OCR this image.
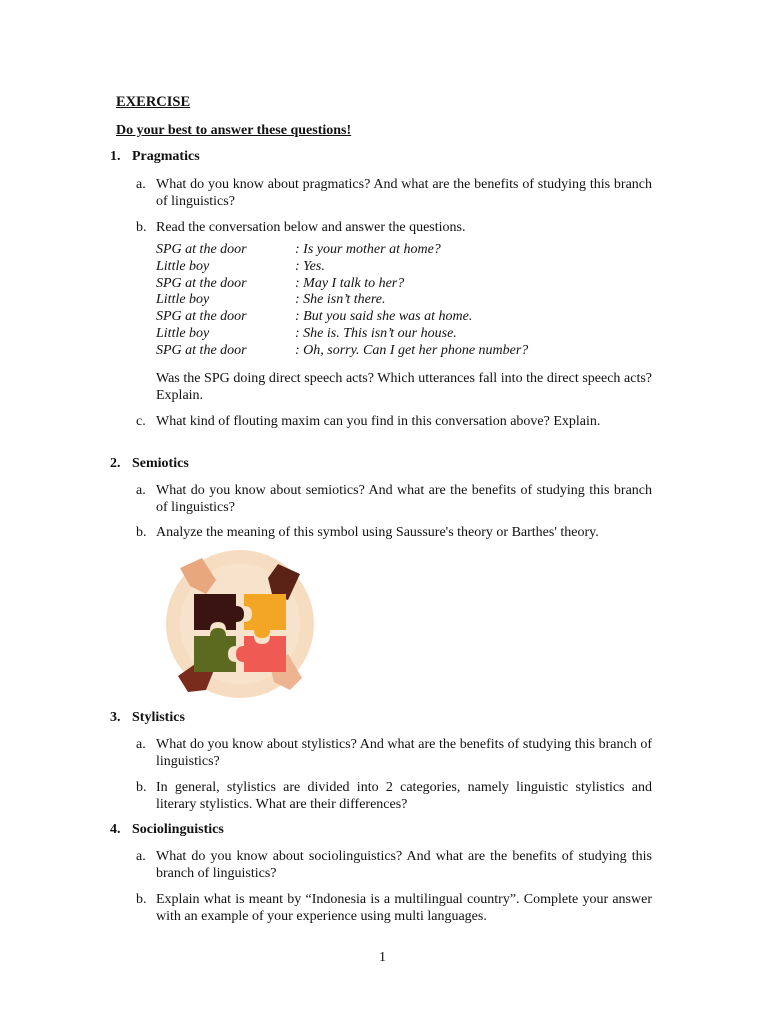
EXERCISE
Do your best to answer these questions!
1. Pragmatics
a. What do you know about pragmatics? And what are the benefits of studying this branch of linguistics?
b. Read the conversation below and answer the questions.
SPG at the door	: Is your mother at home?
Little boy	: Yes.
SPG at the door	: May I talk to her?
Little boy	: She isn’t there.
SPG at the door	: But you said she was at home.
Little boy	: She is. This isn’t our house.
SPG at the door	: Oh, sorry. Can I get her phone number?
Was the SPG doing direct speech acts? Which utterances fall into the direct speech acts? Explain.
c. What kind of flouting maxim can you find in this conversation above? Explain.
2. Semiotics
a. What do you know about semiotics? And what are the benefits of studying this branch of linguistics?
b. Analyze the meaning of this symbol using Saussure's theory or Barthes' theory.
3. Stylistics
a. What do you know about stylistics? And what are the benefits of studying this branch of linguistics?
b. In general, stylistics are divided into 2 categories, namely linguistic stylistics and literary stylistics. What are their differences?
4. Sociolinguistics
a. What do you know about sociolinguistics? And what are the benefits of studying this branch of linguistics?
b. Explain what is meant by “Indonesia is a multilingual country”. Complete your answer with an example of your experience using multi languages.
1
